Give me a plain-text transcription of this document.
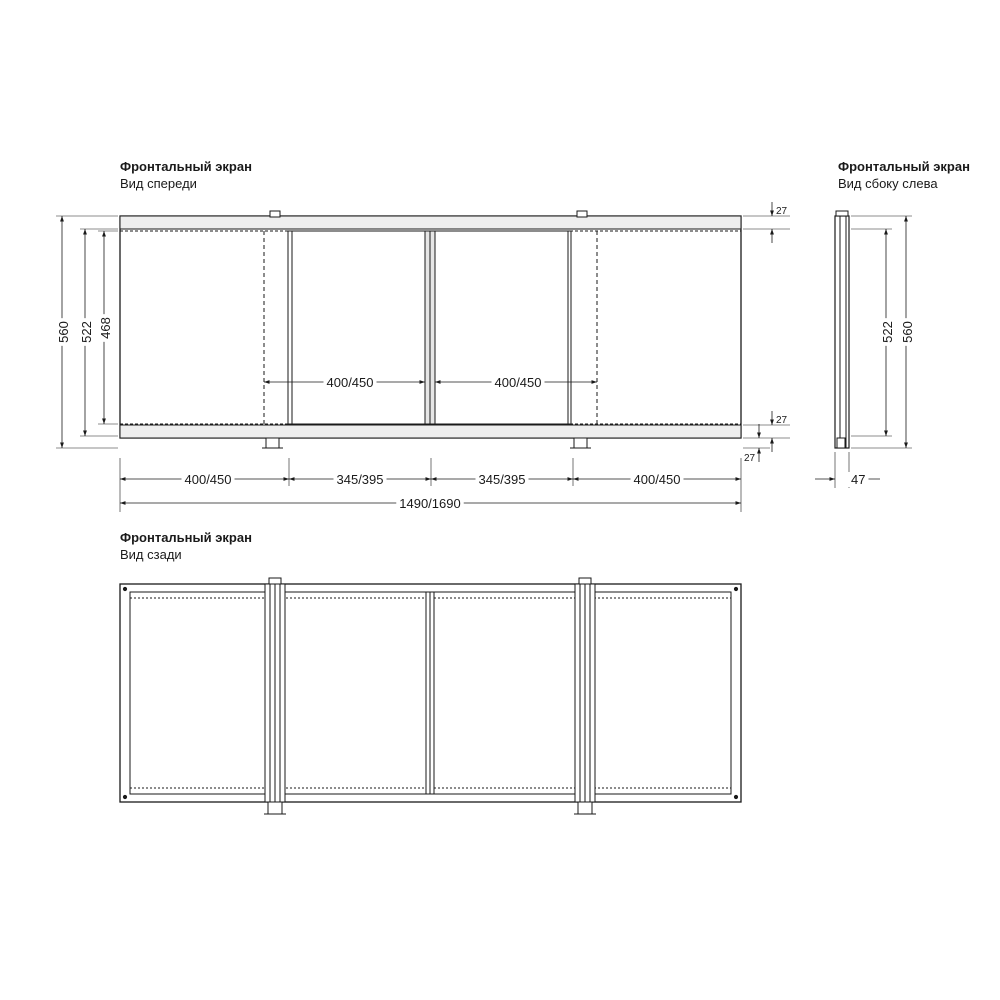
Фронтальный экран
Вид спереди
Фронтальный экран
Вид сбоку слева
Фронтальный экран
Вид сзади
560 522 468
27
27
27
400/450	400/450
400/450	345/395	345/395	400/450
1490/1690
522 560
47
